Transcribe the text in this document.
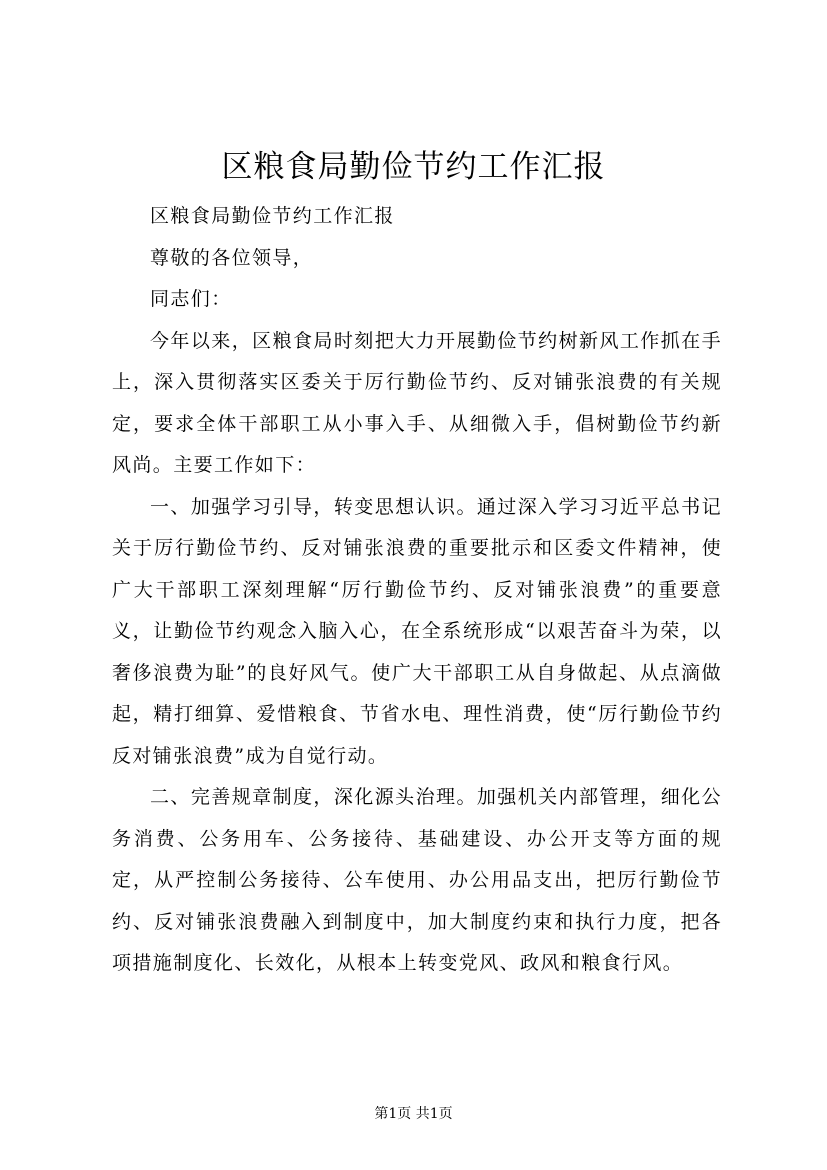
区粮食局勤俭节约工作汇报

区粮食局勤俭节约工作汇报

尊敬的各位领导，

同志们：

今年以来，区粮食局时刻把大力开展勤俭节约树新风工作抓在手上，深入贯彻落实区委关于厉行勤俭节约、反对铺张浪费的有关规定，要求全体干部职工从小事入手、从细微入手，倡树勤俭节约新风尚。主要工作如下：

一、加强学习引导，转变思想认识。通过深入学习习近平总书记关于厉行勤俭节约、反对铺张浪费的重要批示和区委文件精神，使广大干部职工深刻理解“厉行勤俭节约、反对铺张浪费”的重要意义，让勤俭节约观念入脑入心，在全系统形成“以艰苦奋斗为荣，以奢侈浪费为耻”的良好风气。使广大干部职工从自身做起、从点滴做起，精打细算、爱惜粮食、节省水电、理性消费，使“厉行勤俭节约反对铺张浪费”成为自觉行动。

二、完善规章制度，深化源头治理。加强机关内部管理，细化公务消费、公务用车、公务接待、基础建设、办公开支等方面的规定，从严控制公务接待、公车使用、办公用品支出，把厉行勤俭节约、反对铺张浪费融入到制度中，加大制度约束和执行力度，把各项措施制度化、长效化，从根本上转变党风、政风和粮食行风。

第1页 共1页
